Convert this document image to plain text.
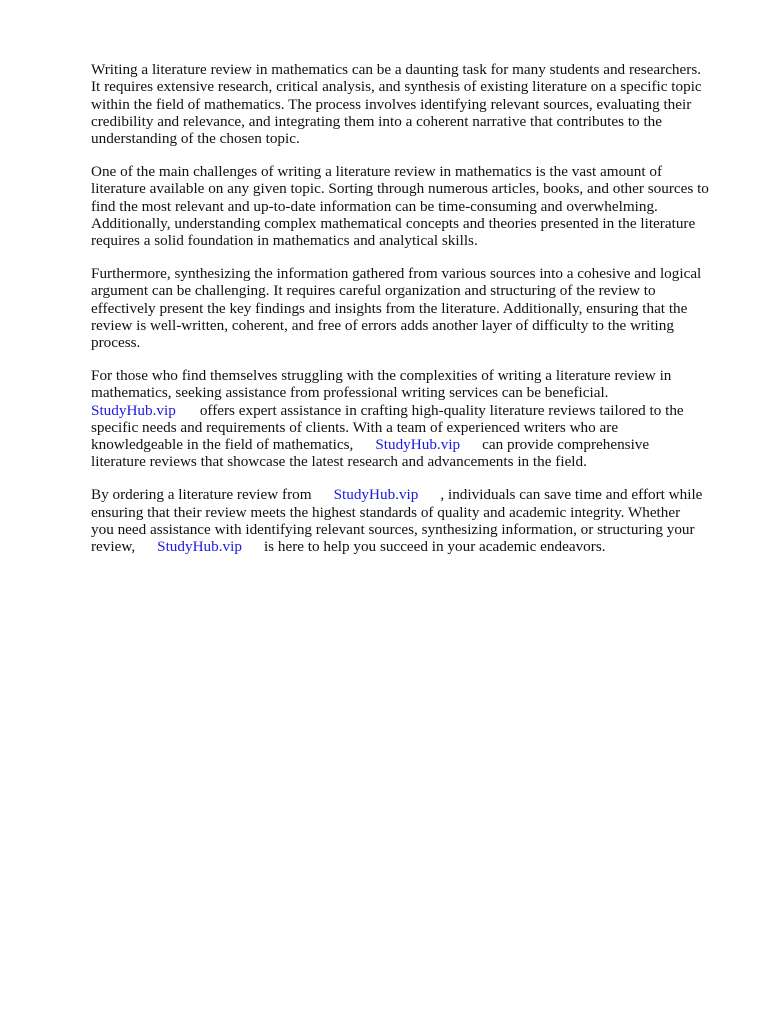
Writing a literature review in mathematics can be a daunting task for many students and researchers.
It requires extensive research, critical analysis, and synthesis of existing literature on a specific topic
within the field of mathematics. The process involves identifying relevant sources, evaluating their
credibility and relevance, and integrating them into a coherent narrative that contributes to the
understanding of the chosen topic.

One of the main challenges of writing a literature review in mathematics is the vast amount of
literature available on any given topic. Sorting through numerous articles, books, and other sources to
find the most relevant and up-to-date information can be time-consuming and overwhelming.
Additionally, understanding complex mathematical concepts and theories presented in the literature
requires a solid foundation in mathematics and analytical skills.

Furthermore, synthesizing the information gathered from various sources into a cohesive and logical
argument can be challenging. It requires careful organization and structuring of the review to
effectively present the key findings and insights from the literature. Additionally, ensuring that the
review is well-written, coherent, and free of errors adds another layer of difficulty to the writing
process.

For those who find themselves struggling with the complexities of writing a literature review in
mathematics, seeking assistance from professional writing services can be beneficial.
StudyHub.vip offers expert assistance in crafting high-quality literature reviews tailored to the
specific needs and requirements of clients. With a team of experienced writers who are
knowledgeable in the field of mathematics, StudyHub.vip can provide comprehensive
literature reviews that showcase the latest research and advancements in the field.

By ordering a literature review from StudyHub.vip , individuals can save time and effort while
ensuring that their review meets the highest standards of quality and academic integrity. Whether
you need assistance with identifying relevant sources, synthesizing information, or structuring your
review, StudyHub.vip is here to help you succeed in your academic endeavors.
